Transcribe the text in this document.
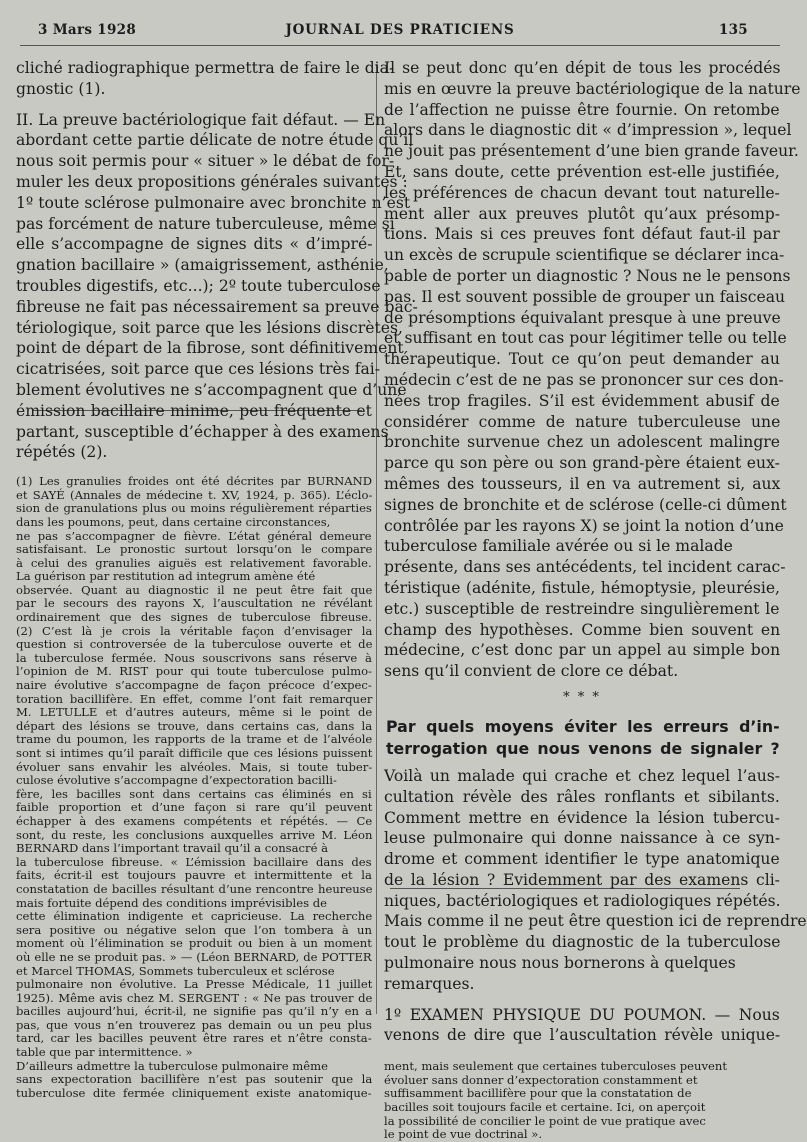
3 Mars 1928	JOURNAL DES PRATICIENS	135
cliché radiographique permettra de faire le dia-
gnostic (1).
II. La preuve bactériologique fait défaut. — En
abordant cette partie délicate de notre étude qu’il
nous soit permis pour « situer » le débat de for-
muler les deux propositions générales suivantes :
1º toute sclérose pulmonaire avec bronchite n’est
pas forcément de nature tuberculeuse, même si
elle s’accompagne de signes dits « d’impré-
gnation bacillaire » (amaigrissement, asthénie,
troubles digestifs, etc...); 2º toute tuberculose
fibreuse ne fait pas nécessairement sa preuve bac-
tériologique, soit parce que les lésions discrètes,
point de départ de la fibrose, sont définitivement
cicatrisées, soit parce que ces lésions très fai-
blement évolutives ne s’accompagnent que d’une
émission bacillaire minime, peu fréquente et
partant, susceptible d’échapper à des examens
répétés (2).
(1) Les granulies froides ont été décrites par BURNAND
et SAYÉ (Annales de médecine t. XV, 1924, p. 365). L’éclo-
sion de granulations plus ou moins régulièrement réparties
dans les poumons, peut, dans certaine circonstances,
ne pas s’accompagner de fièvre. L’état général demeure
satisfaisant. Le pronostic surtout lorsqu’on le compare
à celui des granulies aiguës est relativement favorable.
La guérison par restitution ad integrum amène été
observée. Quant au diagnostic il ne peut être fait que
par le secours des rayons X, l’auscultation ne révélant
ordinairement que des signes de tuberculose fibreuse.
(2) C’est là je crois la véritable façon d’envisager la
question si controversée de la tuberculose ouverte et de
la tuberculose fermée. Nous souscrivons sans réserve à
l’opinion de M. RIST pour qui toute tuberculose pulmo-
naire évolutive s’accompagne de façon précoce d’expec-
toration bacillifère. En effet, comme l’ont fait remarquer
M. LETULLE et d’autres auteurs, même si le point de
départ des lésions se trouve, dans certains cas, dans la
trame du poumon, les rapports de la trame et de l’alvéole
sont si intimes qu’il paraît difficile que ces lésions puissent
évoluer sans envahir les alvéoles. Mais, si toute tuber-
culose évolutive s’accompagne d’expectoration bacilli-
fère, les bacilles sont dans certains cas éliminés en si
faible proportion et d’une façon si rare qu’il peuvent
échapper à des examens compétents et répétés. — Ce
sont, du reste, les conclusions auxquelles arrive M. Léon
BERNARD dans l’important travail qu’il a consacré à
la tuberculose fibreuse. « L’émission bacillaire dans des
faits, écrit-il est toujours pauvre et intermittente et la
constatation de bacilles résultant d’une rencontre heureuse
mais fortuite dépend des conditions imprévisibles de
cette élimination indigente et capricieuse. La recherche
sera positive ou négative selon que l’on tombera à un
moment où l’élimination se produit ou bien à un moment
où elle ne se produit pas. » — (Léon BERNARD, de POTTER
et Marcel THOMAS, Sommets tuberculeux et sclérose
pulmonaire non évolutive. La Presse Médicale, 11 juillet
1925). Même avis chez M. SERGENT : « Ne pas trouver de
bacilles aujourd’hui, écrit-il, ne signifie pas qu’il n’y en a
pas, que vous n’en trouverez pas demain ou un peu plus
tard, car les bacilles peuvent être rares et n’être consta-
table que par intermittence. »
D’ailleurs admettre la tuberculose pulmonaire même
sans expectoration bacillifère n’est pas soutenir que la
tuberculose dite fermée cliniquement existe anatomique-
Il se peut donc qu’en dépit de tous les procédés
mis en œuvre la preuve bactériologique de la nature
de l’affection ne puisse être fournie. On retombe
alors dans le diagnostic dit « d’impression », lequel
ne jouit pas présentement d’une bien grande faveur.
Et, sans doute, cette prévention est-elle justifiée,
les préférences de chacun devant tout naturelle-
ment aller aux preuves plutôt qu’aux présomp-
tions. Mais si ces preuves font défaut faut-il par
un excès de scrupule scientifique se déclarer inca-
pable de porter un diagnostic ? Nous ne le pensons
pas. Il est souvent possible de grouper un faisceau
de présomptions équivalant presque à une preuve
et suffisant en tout cas pour légitimer telle ou telle
thérapeutique. Tout ce qu’on peut demander au
médecin c’est de ne pas se prononcer sur ces don-
nées trop fragiles. S’il est évidemment abusif de
considérer comme de nature tuberculeuse une
bronchite survenue chez un adolescent malingre
parce qu son père ou son grand-père étaient eux-
mêmes des tousseurs, il en va autrement si, aux
signes de bronchite et de sclérose (celle-ci dûment
contrôlée par les rayons X) se joint la notion d’une
tuberculose familiale avérée ou si le malade
présente, dans ses antécédents, tel incident carac-
téristique (adénite, fistule, hémoptysie, pleurésie,
etc.) susceptible de restreindre singulièrement le
champ des hypothèses. Comme bien souvent en
médecine, c’est donc par un appel au simple bon
sens qu’il convient de clore ce débat.
* * *
Par quels moyens éviter les erreurs d’in-
terrogation que nous venons de signaler ?
Voilà un malade qui crache et chez lequel l’aus-
cultation révèle des râles ronflants et sibilants.
Comment mettre en évidence la lésion tubercu-
leuse pulmonaire qui donne naissance à ce syn-
drome et comment identifier le type anatomique
de la lésion ? Evidemment par des examens cli-
niques, bactériologiques et radiologiques répétés.
Mais comme il ne peut être question ici de reprendre
tout le problème du diagnostic de la tuberculose
pulmonaire nous nous bornerons à quelques
remarques.
1º EXAMEN PHYSIQUE DU POUMON. — Nous
venons de dire que l’auscultation révèle unique-
ment, mais seulement que certaines tuberculoses peuvent
évoluer sans donner d’expectoration constamment et
suffisamment bacillifère pour que la constatation de
bacilles soit toujours facile et certaine. Ici, on aperçoit
la possibilité de concilier le point de vue pratique avec
le point de vue doctrinal ».
